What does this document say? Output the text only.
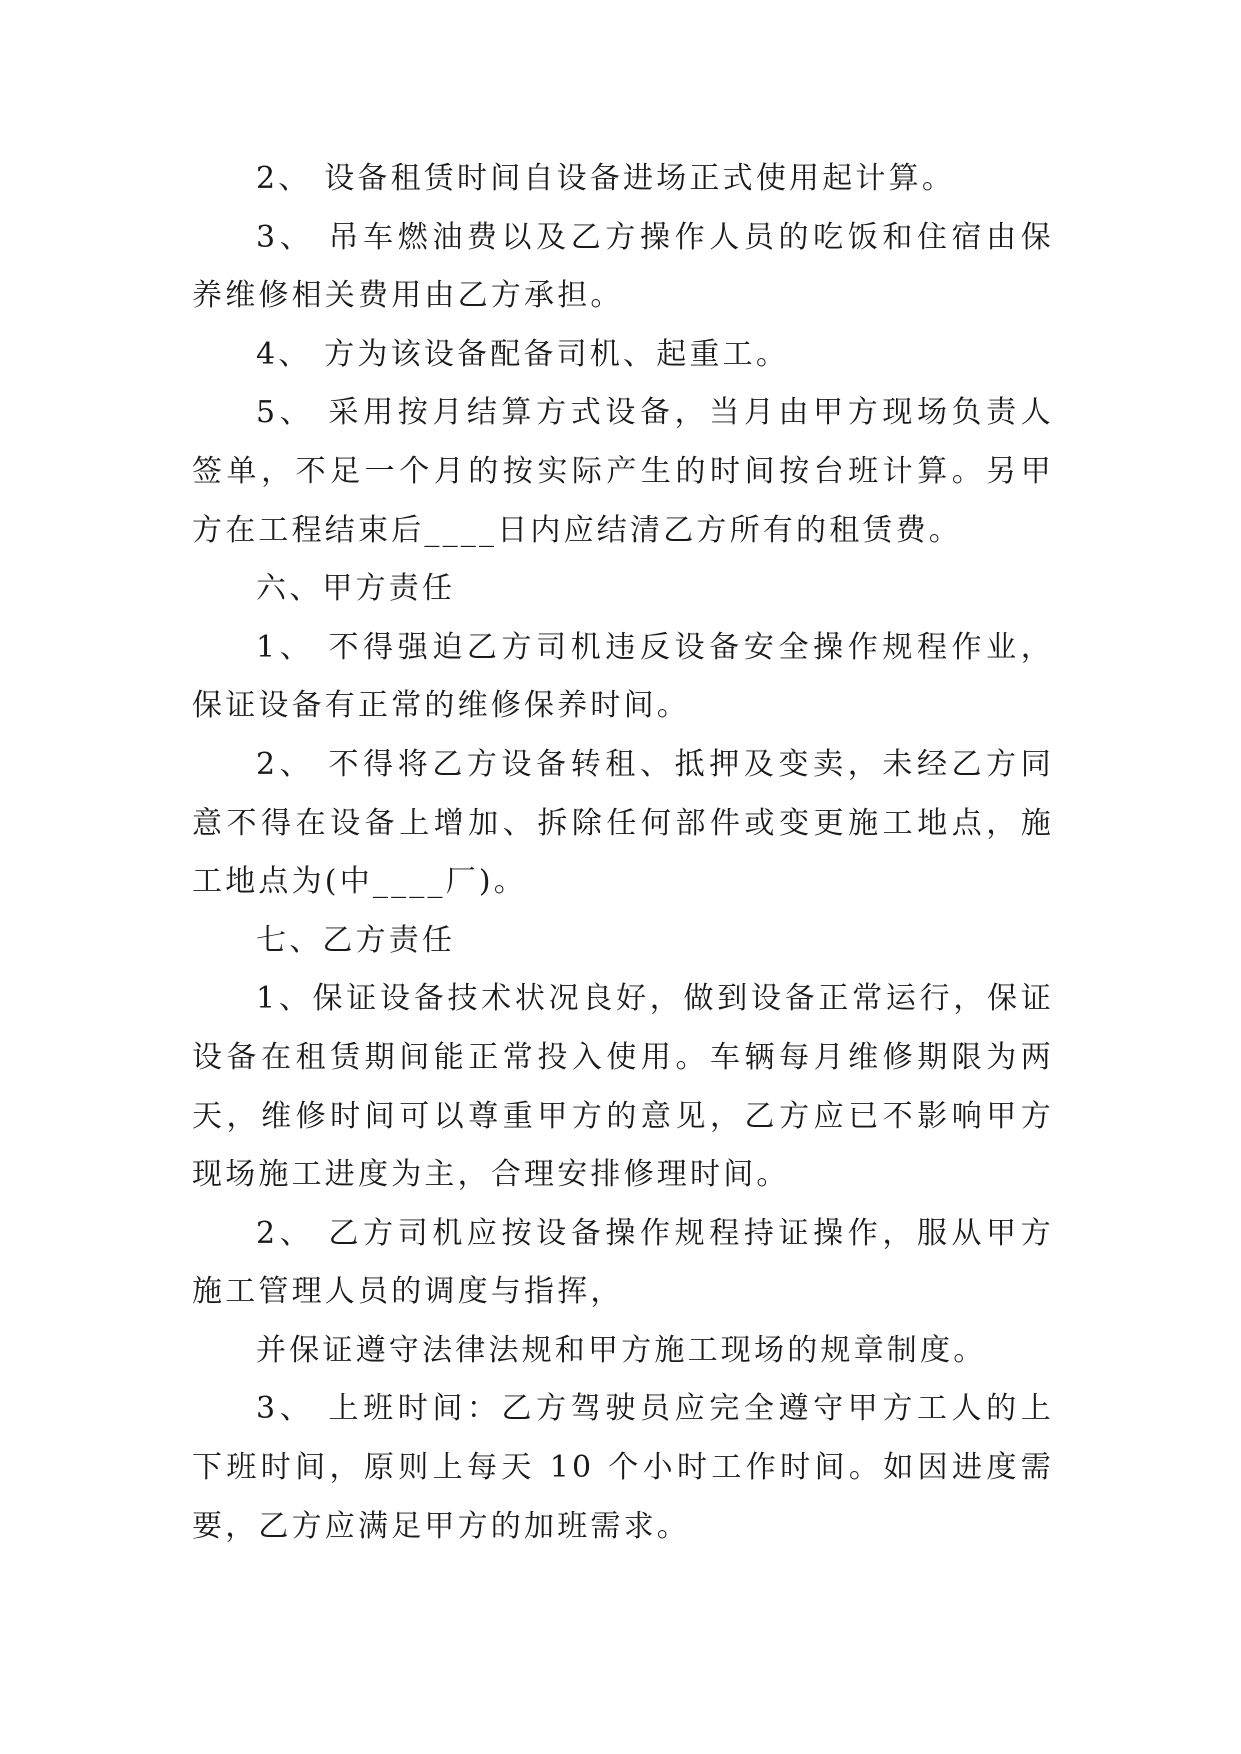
2、 设备租赁时间自设备进场正式使用起计算。

3、 吊车燃油费以及乙方操作人员的吃饭和住宿由保养维修相关费用由乙方承担。

4、 方为该设备配备司机、起重工。

5、 采用按月结算方式设备，当月由甲方现场负责人签单，不足一个月的按实际产生的时间按台班计算。另甲方在工程结束后____日内应结清乙方所有的租赁费。

六、甲方责任

1、 不得强迫乙方司机违反设备安全操作规程作业，保证设备有正常的维修保养时间。

2、 不得将乙方设备转租、抵押及变卖，未经乙方同意不得在设备上增加、拆除任何部件或变更施工地点，施工地点为(中____厂)。

七、乙方责任

1、保证设备技术状况良好，做到设备正常运行，保证设备在租赁期间能正常投入使用。车辆每月维修期限为两天，维修时间可以尊重甲方的意见，乙方应已不影响甲方现场施工进度为主，合理安排修理时间。

2、 乙方司机应按设备操作规程持证操作，服从甲方施工管理人员的调度与指挥，

并保证遵守法律法规和甲方施工现场的规章制度。

3、 上班时间：乙方驾驶员应完全遵守甲方工人的上下班时间，原则上每天 10 个小时工作时间。如因进度需要，乙方应满足甲方的加班需求。
